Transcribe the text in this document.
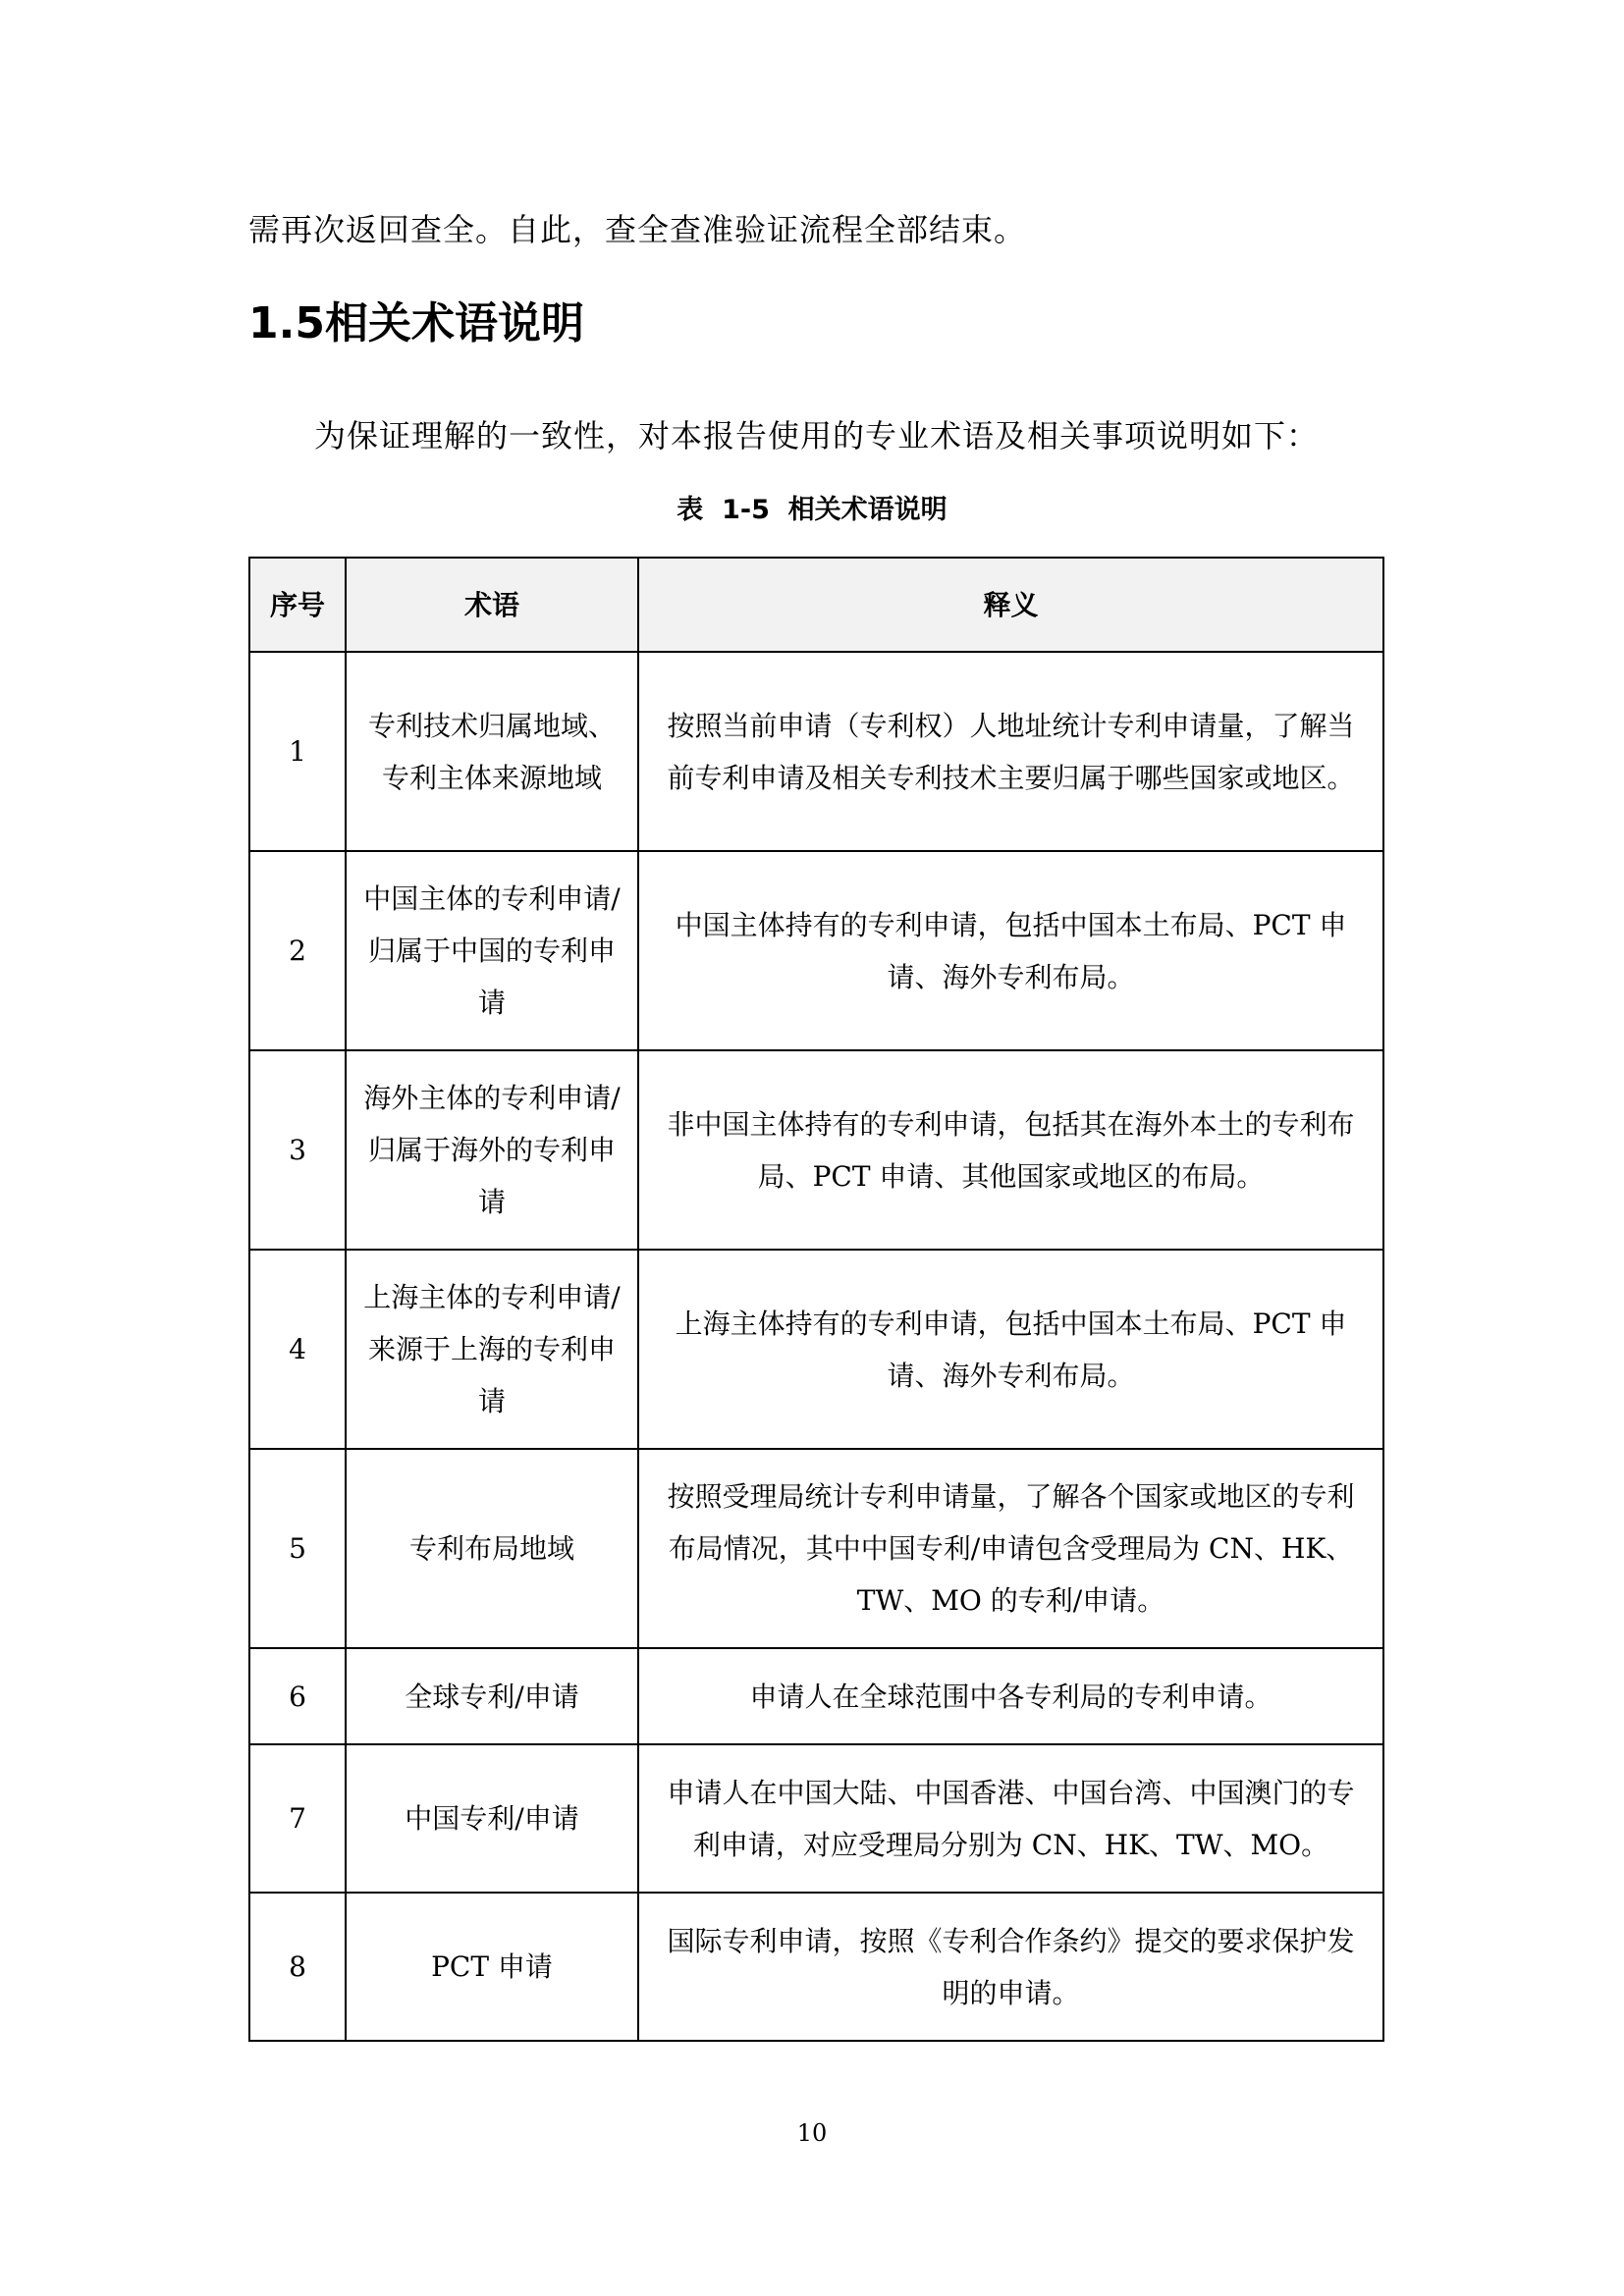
需再次返回查全。自此，查全查准验证流程全部结束。
1.5相关术语说明
为保证理解的一致性，对本报告使用的专业术语及相关事项说明如下：
表  1-5  相关术语说明
序号	术语	释义
1	专利技术归属地域、专利主体来源地域	按照当前申请（专利权）人地址统计专利申请量，了解当前专利申请及相关专利技术主要归属于哪些国家或地区。
2	中国主体的专利申请/归属于中国的专利申请	中国主体持有的专利申请，包括中国本土布局、PCT 申请、海外专利布局。
3	海外主体的专利申请/归属于海外的专利申请	非中国主体持有的专利申请，包括其在海外本土的专利布局、PCT 申请、其他国家或地区的布局。
4	上海主体的专利申请/来源于上海的专利申请	上海主体持有的专利申请，包括中国本土布局、PCT 申请、海外专利布局。
5	专利布局地域	按照受理局统计专利申请量，了解各个国家或地区的专利布局情况，其中中国专利/申请包含受理局为 CN、HK、TW、MO 的专利/申请。
6	全球专利/申请	申请人在全球范围中各专利局的专利申请。
7	中国专利/申请	申请人在中国大陆、中国香港、中国台湾、中国澳门的专利申请，对应受理局分别为 CN、HK、TW、MO。
8	PCT 申请	国际专利申请，按照《专利合作条约》提交的要求保护发明的申请。
10
